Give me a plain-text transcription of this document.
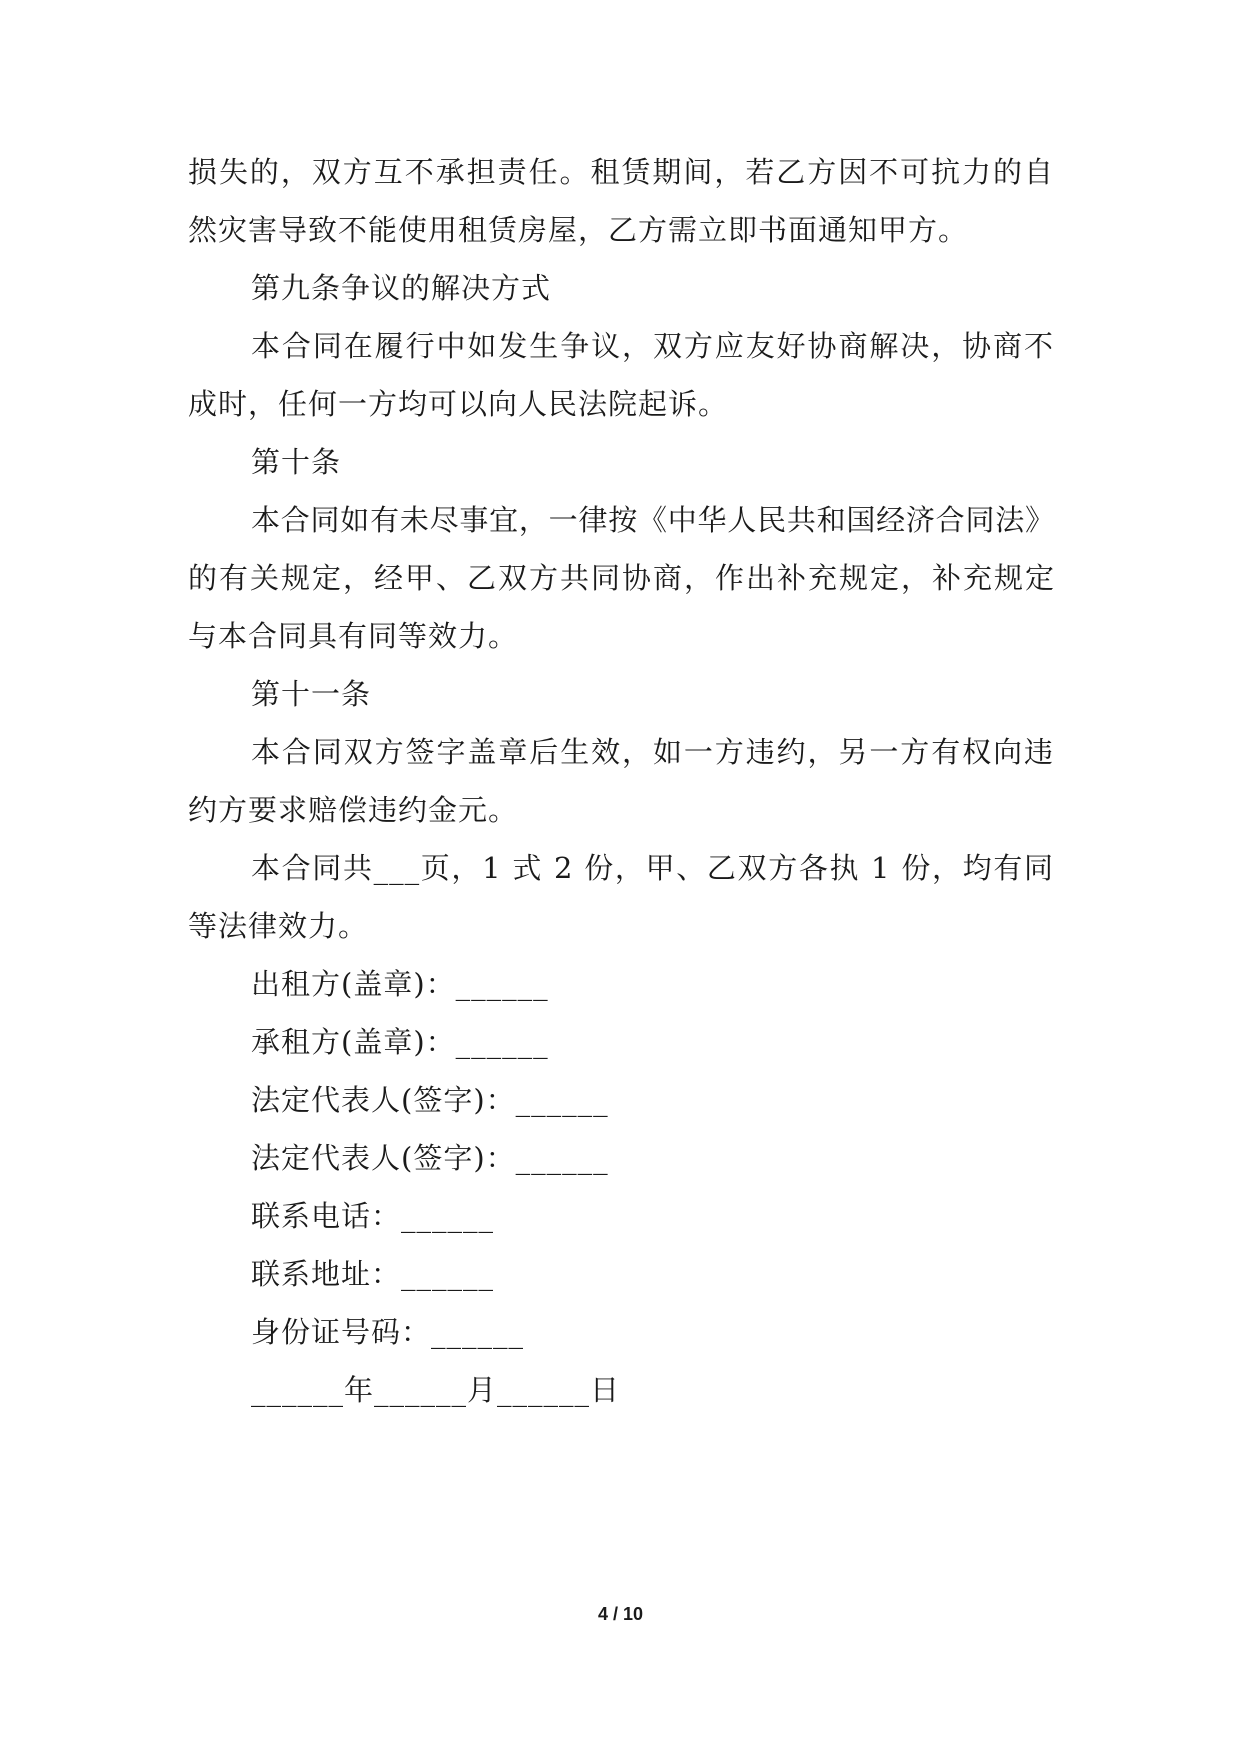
损失的，双方互不承担责任。租赁期间，若乙方因不可抗力的自
然灾害导致不能使用租赁房屋，乙方需立即书面通知甲方。
第九条争议的解决方式
本合同在履行中如发生争议，双方应友好协商解决，协商不
成时，任何一方均可以向人民法院起诉。
第十条
本合同如有未尽事宜，一律按《中华人民共和国经济合同法》
的有关规定，经甲、乙双方共同协商，作出补充规定，补充规定
与本合同具有同等效力。
第十一条
本合同双方签字盖章后生效，如一方违约，另一方有权向违
约方要求赔偿违约金元。
本合同共___页，1 式 2 份，甲、乙双方各执 1 份，均有同
等法律效力。
出租方(盖章)：______
承租方(盖章)：______
法定代表人(签字)：______
法定代表人(签字)：______
联系电话：______
联系地址：______
身份证号码：______
______年______月______日
4 / 10
